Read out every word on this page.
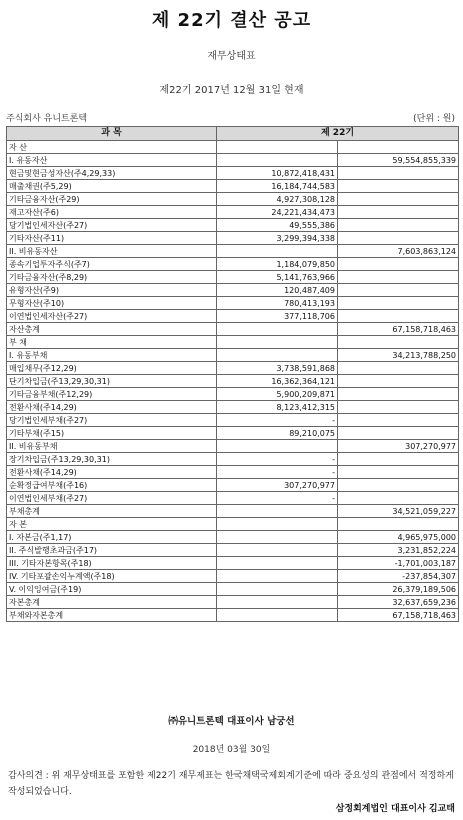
제 22기 결산 공고
재무상태표
제22기 2017년 12월 31일 현재
주식회사 유니트론텍	(단위 : 원)
과 목	제 22기	
자 산		
I. 유동자산		59,554,855,339
현금및현금성자산(주4,29,33)	10,872,418,431	
매출채권(주5,29)	16,184,744,583	
기타금융자산(주29)	4,927,308,128	
재고자산(주6)	24,221,434,473	
당기법인세자산(주27)	49,555,386	
기타자산(주11)	3,299,394,338	
II. 비유동자산		7,603,863,124
종속기업투자주식(주7)	1,184,079,850	
기타금융자산(주8,29)	5,141,763,966	
유형자산(주9)	120,487,409	
무형자산(주10)	780,413,193	
이연법인세자산(주27)	377,118,706	
자산총계		67,158,718,463
부 채		
I. 유동부채		34,213,788,250
매입채무(주12,29)	3,738,591,868	
단기차입금(주13,29,30,31)	16,362,364,121	
기타금융부채(주12,29)	5,900,209,871	
전환사채(주14,29)	8,123,412,315	
당기법인세부채(주27)	-	
기타부채(주15)	89,210,075	
II. 비유동부채		307,270,977
장기차입금(주13,29,30,31)	-	
전환사채(주14,29)	-	
순확정급여부채(주16)	307,270,977	
이연법인세부채(주27)	-	
부채총계		34,521,059,227
자 본		
I. 자본금(주1,17)		4,965,975,000
II. 주식발행초과금(주17)		3,231,852,224
III. 기타자본항목(주18)		-1,701,003,187
IV. 기타포괄손익누계액(주18)		-237,854,307
V. 이익잉여금(주19)		26,379,189,506
자본총계		32,637,659,236
부채와자본총계		67,158,718,463
㈜유니트론텍 대표이사 남궁선
2018년 03월 30일
감사의견 : 위 재무상태표를 포함한 제22기 재무제표는 한국채택국제회계기준에 따라 중요성의 관점에서 적정하게 작성되었습니다.
삼정회계법인 대표이사 김교태
